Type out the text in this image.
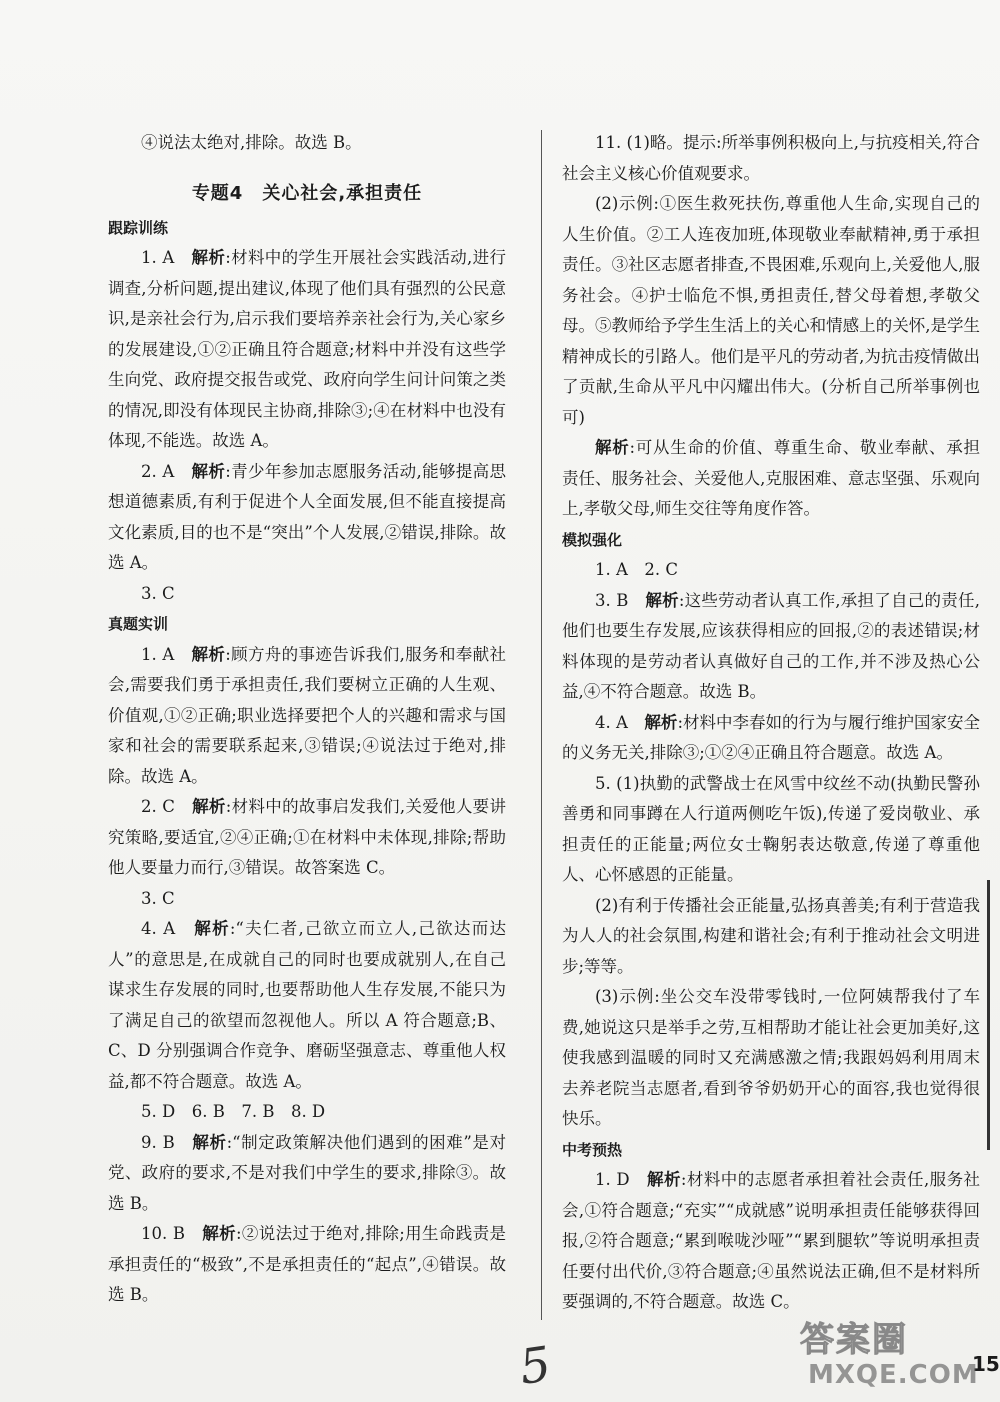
④说法太绝对,排除。故选 B。

专题4　关心社会,承担责任

跟踪训练

1. A　解析:材料中的学生开展社会实践活动,进行调查,分析问题,提出建议,体现了他们具有强烈的公民意识,是亲社会行为,启示我们要培养亲社会行为,关心家乡的发展建设,①②正确且符合题意;材料中并没有这些学生向党、政府提交报告或党、政府向学生问计问策之类的情况,即没有体现民主协商,排除③;④在材料中也没有体现,不能选。故选 A。

2. A　解析:青少年参加志愿服务活动,能够提高思想道德素质,有利于促进个人全面发展,但不能直接提高文化素质,目的也不是“突出”个人发展,②错误,排除。故选 A。

3. C

真题实训

1. A　解析:顾方舟的事迹告诉我们,服务和奉献社会,需要我们勇于承担责任,我们要树立正确的人生观、价值观,①②正确;职业选择要把个人的兴趣和需求与国家和社会的需要联系起来,③错误;④说法过于绝对,排除。故选 A。

2. C　解析:材料中的故事启发我们,关爱他人要讲究策略,要适宜,②④正确;①在材料中未体现,排除;帮助他人要量力而行,③错误。故答案选 C。

3. C

4. A　解析:“夫仁者,己欲立而立人,己欲达而达人”的意思是,在成就自己的同时也要成就别人,在自己谋求生存发展的同时,也要帮助他人生存发展,不能只为了满足自己的欲望而忽视他人。所以 A 符合题意;B、C、D 分别强调合作竞争、磨砺坚强意志、尊重他人权益,都不符合题意。故选 A。

5. D　6. B　7. B　8. D

9. B　解析:“制定政策解决他们遇到的困难”是对党、政府的要求,不是对我们中学生的要求,排除③。故选 B。

10. B　解析:②说法过于绝对,排除;用生命践责是承担责任的“极致”,不是承担责任的“起点”,④错误。故选 B。

11. (1)略。提示:所举事例积极向上,与抗疫相关,符合社会主义核心价值观要求。

(2)示例:①医生救死扶伤,尊重他人生命,实现自己的人生价值。②工人连夜加班,体现敬业奉献精神,勇于承担责任。③社区志愿者排查,不畏困难,乐观向上,关爱他人,服务社会。④护士临危不惧,勇担责任,替父母着想,孝敬父母。⑤教师给予学生生活上的关心和情感上的关怀,是学生精神成长的引路人。他们是平凡的劳动者,为抗击疫情做出了贡献,生命从平凡中闪耀出伟大。(分析自己所举事例也可)

解析:可从生命的价值、尊重生命、敬业奉献、承担责任、服务社会、关爱他人,克服困难、意志坚强、乐观向上,孝敬父母,师生交往等角度作答。

模拟强化

1. A　2. C

3. B　解析:这些劳动者认真工作,承担了自己的责任,他们也要生存发展,应该获得相应的回报,②的表述错误;材料体现的是劳动者认真做好自己的工作,并不涉及热心公益,④不符合题意。故选 B。

4. A　解析:材料中李春如的行为与履行维护国家安全的义务无关,排除③;①②④正确且符合题意。故选 A。

5. (1)执勤的武警战士在风雪中纹丝不动(执勤民警孙善勇和同事蹲在人行道两侧吃午饭),传递了爱岗敬业、承担责任的正能量;两位女士鞠躬表达敬意,传递了尊重他人、心怀感恩的正能量。

(2)有利于传播社会正能量,弘扬真善美;有利于营造我为人人的社会氛围,构建和谐社会;有利于推动社会文明进步;等等。

(3)示例:坐公交车没带零钱时,一位阿姨帮我付了车费,她说这只是举手之劳,互相帮助才能让社会更加美好,这使我感到温暖的同时又充满感激之情;我跟妈妈利用周末去养老院当志愿者,看到爷爷奶奶开心的面容,我也觉得很快乐。

中考预热

1. D　解析:材料中的志愿者承担着社会责任,服务社会,①符合题意;“充实”“成就感”说明承担责任能够获得回报,②符合题意;“累到喉咙沙哑”“累到腿软”等说明承担责任要付出代价,③符合题意;④虽然说法正确,但不是材料所要强调的,不符合题意。故选 C。

5	15
答案圈
MXQE.COM
